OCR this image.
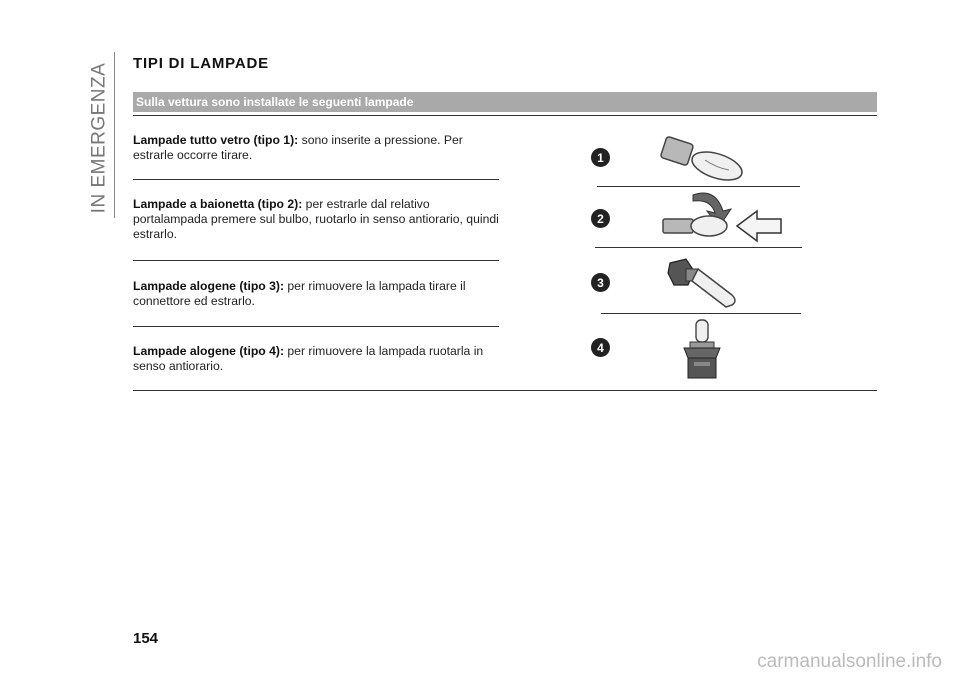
IN EMERGENZA TIPI DI LAMPADE
Sulla vettura sono installate le seguenti lampade
Lampade tutto vetro (tipo 1): sono inserite a pressione. Per estrarle occorre tirare.
Lampade a baionetta (tipo 2): per estrarle dal relativo portalampada premere sul bulbo, ruotarlo in senso antiorario, quindi estrarlo.
Lampade alogene (tipo 3): per rimuovere la lampada tirare il connettore ed estrarlo.
Lampade alogene (tipo 4): per rimuovere la lampada ruotarla in senso antiorario.
1
2
3
4
154
carmanualsonline.info
